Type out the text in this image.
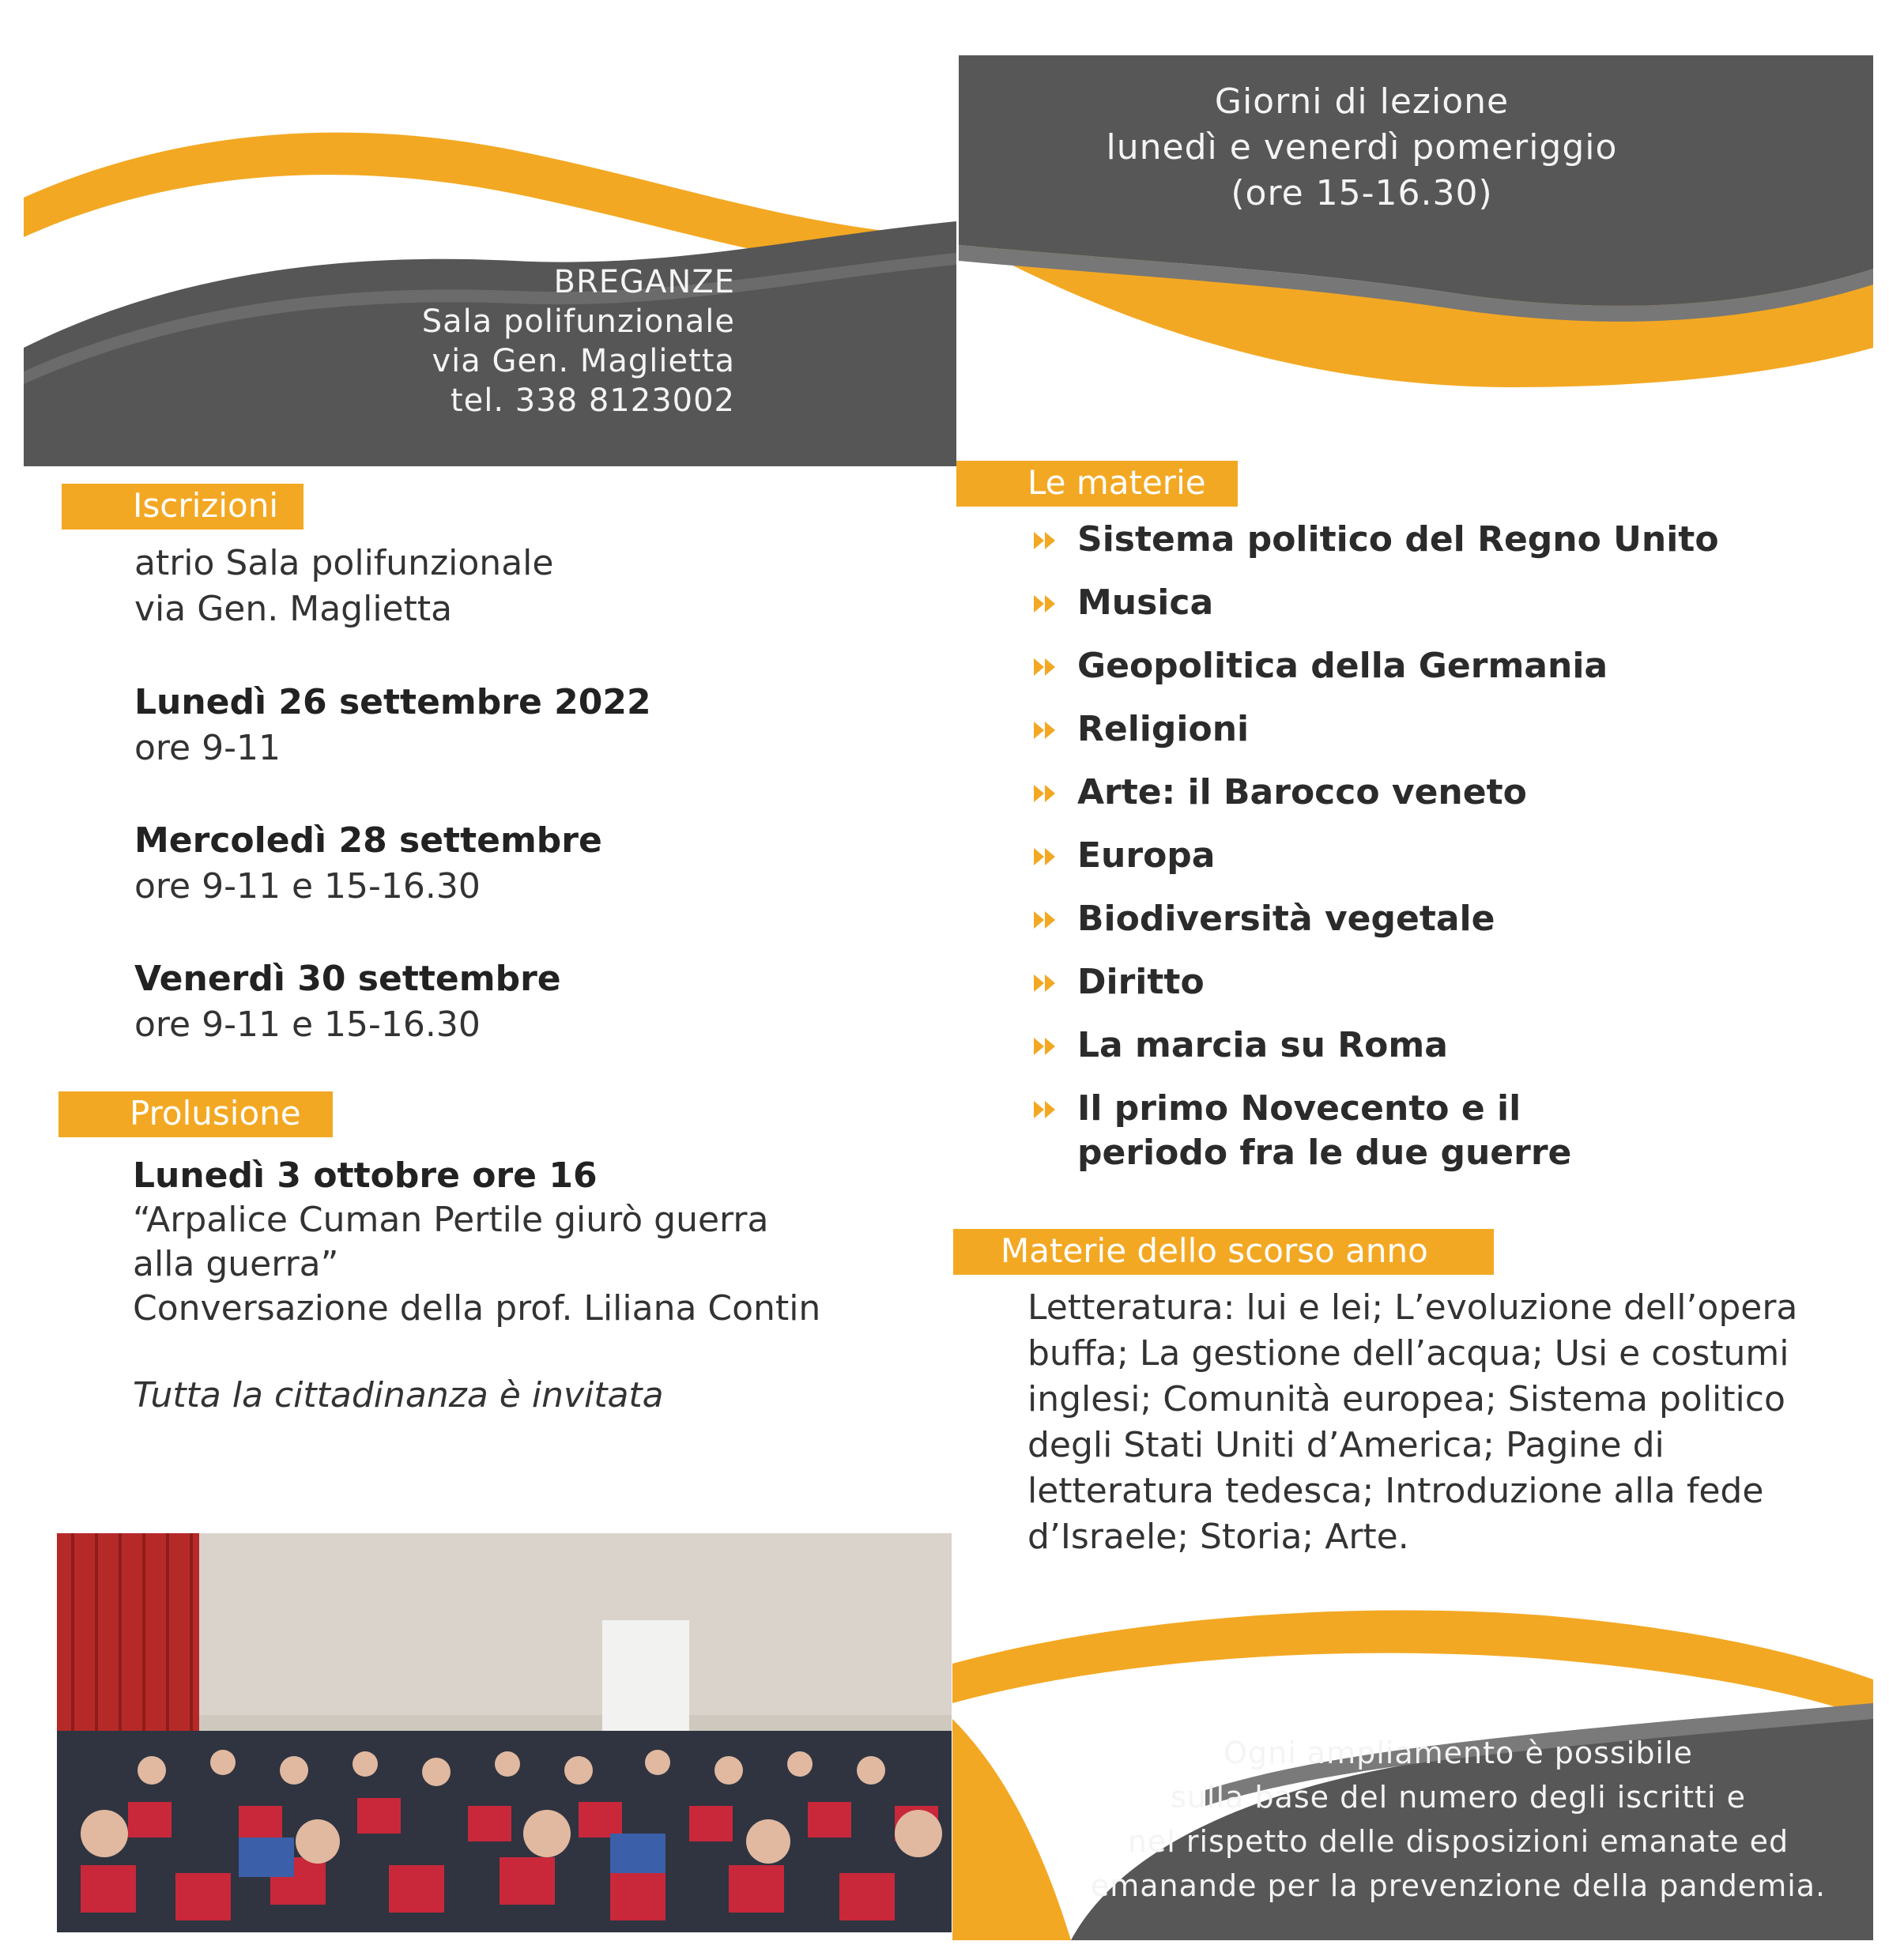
BREGANZE
Sala polifunzionale
via Gen. Maglietta
tel. 338 8123002
Giorni di lezione
lunedì e venerdì pomeriggio
(ore 15-16.30)
Iscrizioni
atrio Sala polifunzionale
via Gen. Maglietta
Lunedì 26 settembre 2022
ore 9-11
Mercoledì 28 settembre
ore 9-11 e 15-16.30
Venerdì 30 settembre
ore 9-11 e 15-16.30
Prolusione
Lunedì 3 ottobre ore 16
“Arpalice Cuman Pertile giurò guerra
alla guerra”
Conversazione della prof. Liliana Contin
Tutta la cittadinanza è invitata
Le materie
Sistema politico del Regno Unito
Musica
Geopolitica della Germania
Religioni
Arte: il Barocco veneto
Europa
Biodiversità vegetale
Diritto
La marcia su Roma
Il primo Novecento e il periodo fra le due guerre
Materie dello scorso anno
Letteratura: lui e lei; L’evoluzione dell’opera
buffa; La gestione dell’acqua; Usi e costumi
inglesi; Comunità europea; Sistema politico
degli Stati Uniti d’America; Pagine di
letteratura tedesca; Introduzione alla fede
d’Israele; Storia; Arte.
Ogni ampliamento è possibile
sulla base del numero degli iscritti e
nel rispetto delle disposizioni emanate ed
emanande per la prevenzione della pandemia.
